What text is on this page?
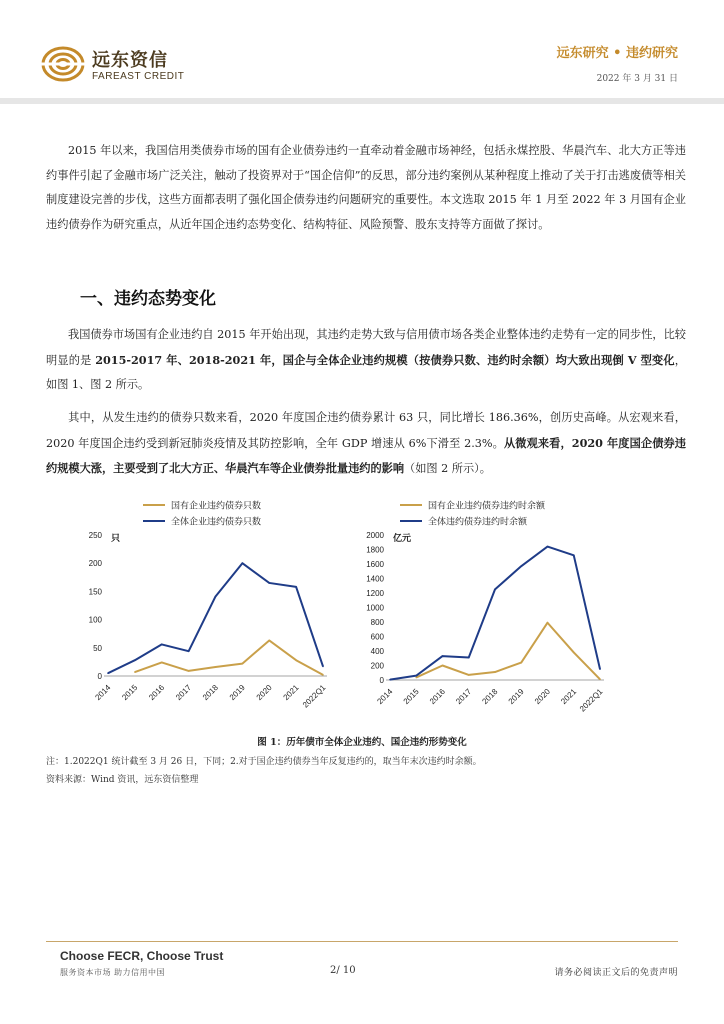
远东资信
FAREAST CREDIT
远东研究 • 违约研究
2022 年 3 月 31 日

2015 年以来，我国信用类债券市场的国有企业债券违约一直牵动着金融市场神经，包括永煤控股、华晨汽车、北大方正等违约事件引起了金融市场广泛关注，触动了投资界对于“国企信仰”的反思，部分违约案例从某种程度上推动了关于打击逃废债等相关制度建设完善的步伐，这些方面都表明了强化国企债券违约问题研究的重要性。本文选取 2015 年 1 月至 2022 年 3 月国有企业违约债券作为研究重点，从近年国企违约态势变化、结构特征、风险预警、股东支持等方面做了探讨。

一、违约态势变化

我国债券市场国有企业违约自 2015 年开始出现，其违约走势大致与信用债市场各类企业整体违约走势有一定的同步性，比较明显的是 2015-2017 年、2018-2021 年，国企与全体企业违约规模（按债券只数、违约时余额）均大致出现倒 V 型变化，如图 1、图 2 所示。

其中，从发生违约的债券只数来看，2020 年度国企违约债券累计 63 只，同比增长 186.36%，创历史高峰。从宏观来看，2020 年度国企违约受到新冠肺炎疫情及其防控影响，全年 GDP 增速从 6%下滑至 2.3%。从微观来看，2020 年度国企债券违约规模大涨，主要受到了北大方正、华晨汽车等企业债券批量违约的影响（如图 2 所示）。

国有企业违约债券只数
全体企业违约债券只数
只
0
50
100
150
200
250
2014 2015 2016 2017 2018 2019 2020 2021 2022Q1
国有企业违约债券违约时余额
全体违约债券违约时余额
亿元
0
200
400
600
800
1000
1200
1400
1600
1800
2000
2014 2015 2016 2017 2018 2019 2020 2021 2022Q1
图 1：历年债市全体企业违约、国企违约形势变化
注：1.2022Q1 统计截至 3 月 26 日，下同；2.对于国企违约债券当年反复违约的，取当年末次违约时余额。
资料来源：Wind 资讯，远东资信整理
Choose FECR, Choose Trust
服务资本市场 助力信用中国	2/ 10	请务必阅读正文后的免责声明
